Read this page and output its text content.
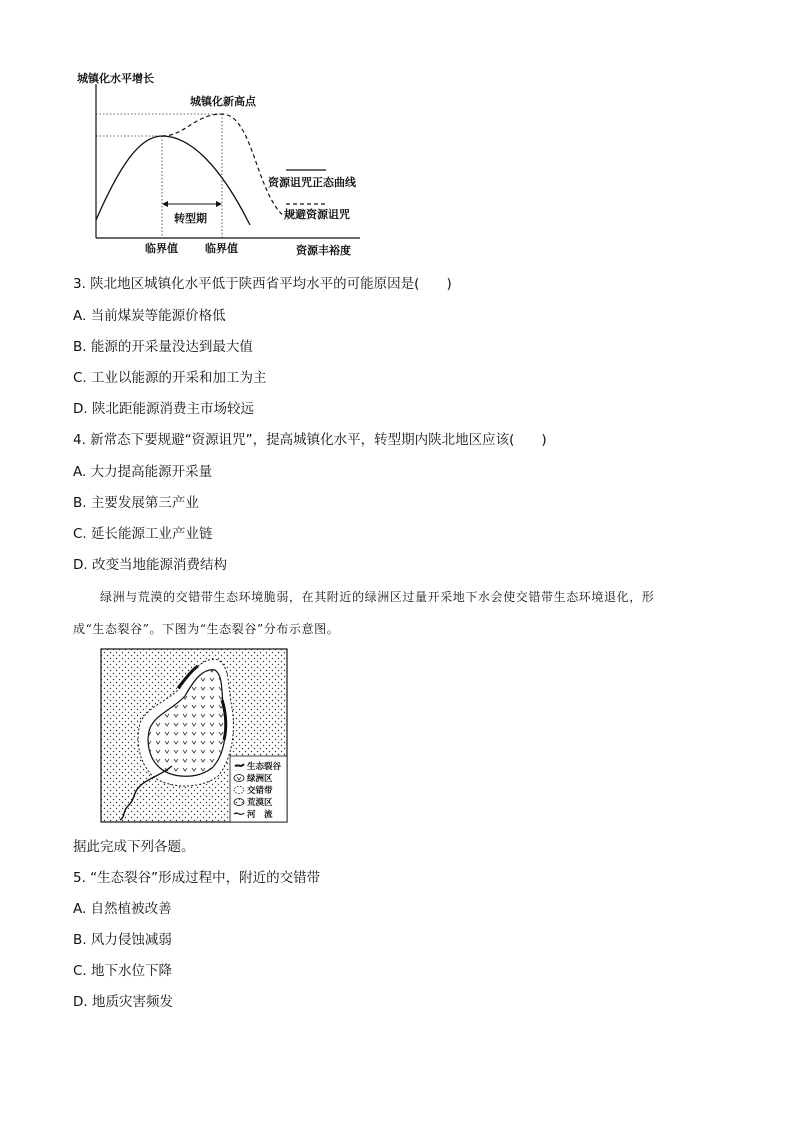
城镇化水平增长
城镇化新高点
资源诅咒正态曲线
规避资源诅咒
转型期
临界值 临界值	资源丰裕度
3. 陕北地区城镇化水平低于陕西省平均水平的可能原因是(　　)
A. 当前煤炭等能源价格低
B. 能源的开采量没达到最大值
C. 工业以能源的开采和加工为主
D. 陕北距能源消费主市场较远
4. 新常态下要规避“资源诅咒”，提高城镇化水平，转型期内陕北地区应该(　　)
A. 大力提高能源开采量
B. 主要发展第三产业
C. 延长能源工业产业链
D. 改变当地能源消费结构
绿洲与荒漠的交错带生态环境脆弱，在其附近的绿洲区过量开采地下水会使交错带生态环境退化，形
成“生态裂谷”。下图为“生态裂谷”分布示意图。
生态裂谷
绿洲区
交错带
荒漠区
河　流
据此完成下列各题。
5. “生态裂谷”形成过程中，附近的交错带
A. 自然植被改善
B. 风力侵蚀减弱
C. 地下水位下降
D. 地质灾害频发
